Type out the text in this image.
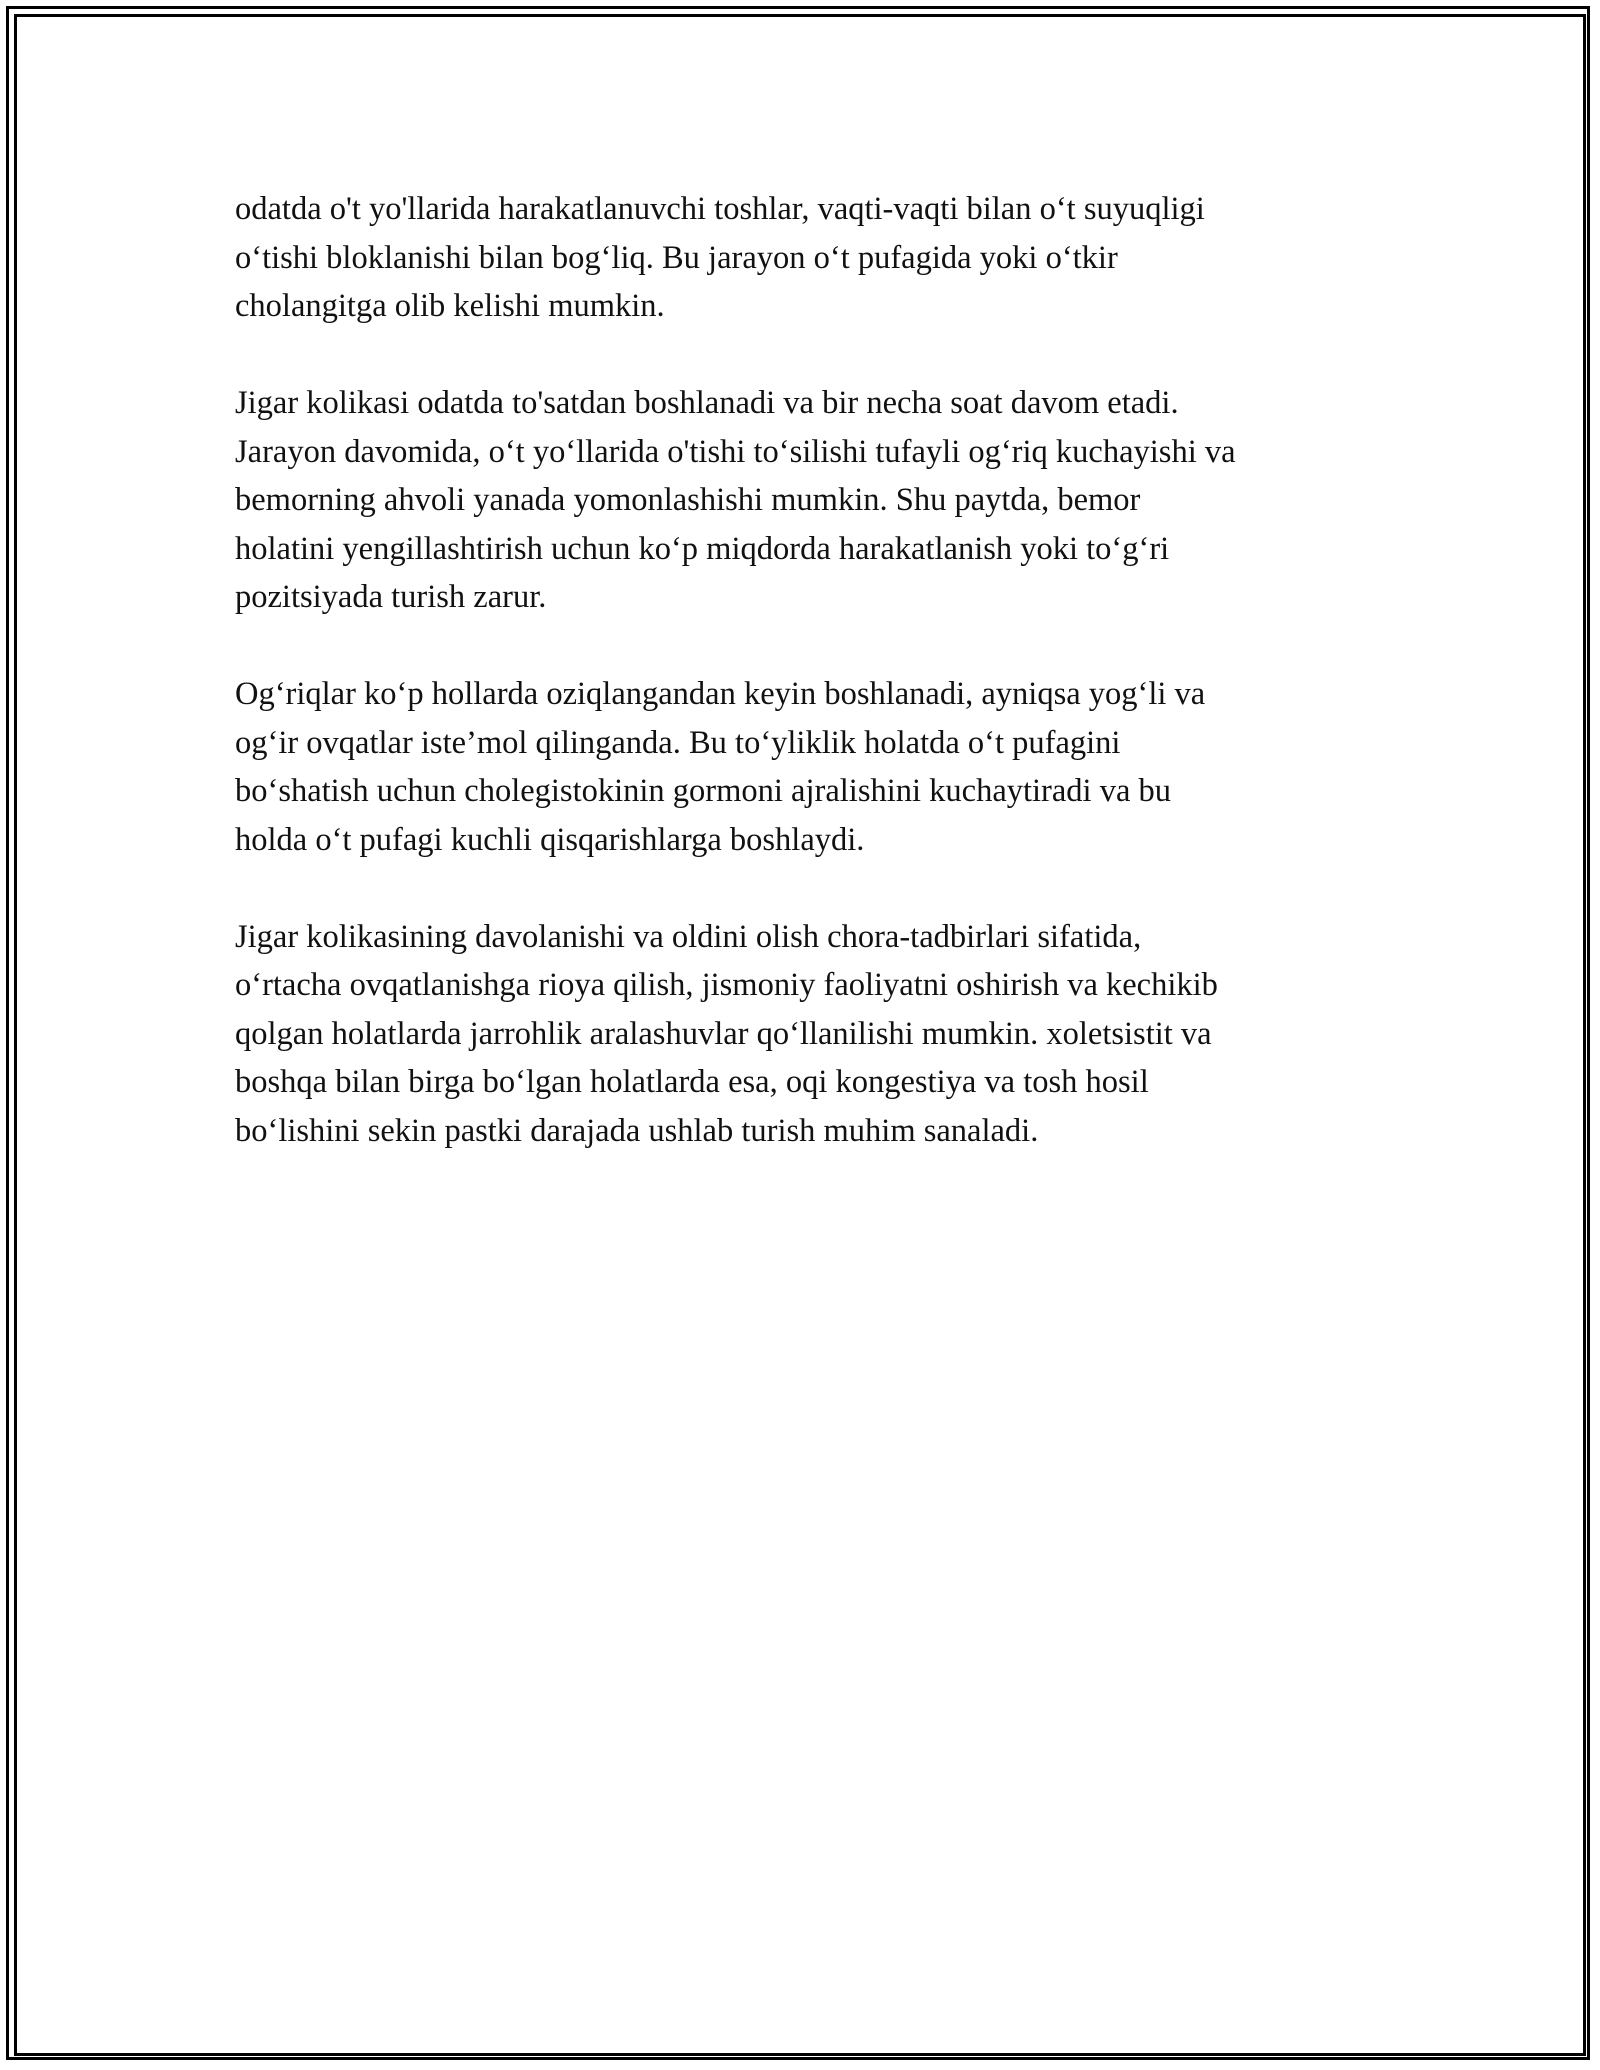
odatda o't yo'llarida harakatlanuvchi toshlar, vaqti-vaqti bilan o‘t suyuqligi
o‘tishi bloklanishi bilan bog‘liq. Bu jarayon o‘t pufagida yoki o‘tkir
cholangitga olib kelishi mumkin.

Jigar kolikasi odatda to'satdan boshlanadi va bir necha soat davom etadi.
Jarayon davomida, o‘t yo‘llarida o'tishi to‘silishi tufayli og‘riq kuchayishi va
bemorning ahvoli yanada yomonlashishi mumkin. Shu paytda, bemor
holatini yengillashtirish uchun ko‘p miqdorda harakatlanish yoki to‘g‘ri
pozitsiyada turish zarur.

Og‘riqlar ko‘p hollarda oziqlangandan keyin boshlanadi, ayniqsa yog‘li va
og‘ir ovqatlar iste’mol qilinganda. Bu to‘yliklik holatda o‘t pufagini
bo‘shatish uchun cholegistokinin gormoni ajralishini kuchaytiradi va bu
holda o‘t pufagi kuchli qisqarishlarga boshlaydi.

Jigar kolikasining davolanishi va oldini olish chora-tadbirlari sifatida,
o‘rtacha ovqatlanishga rioya qilish, jismoniy faoliyatni oshirish va kechikib
qolgan holatlarda jarrohlik aralashuvlar qo‘llanilishi mumkin. xoletsistit va
boshqa bilan birga bo‘lgan holatlarda esa, oqi kongestiya va tosh hosil
bo‘lishini sekin pastki darajada ushlab turish muhim sanaladi.
